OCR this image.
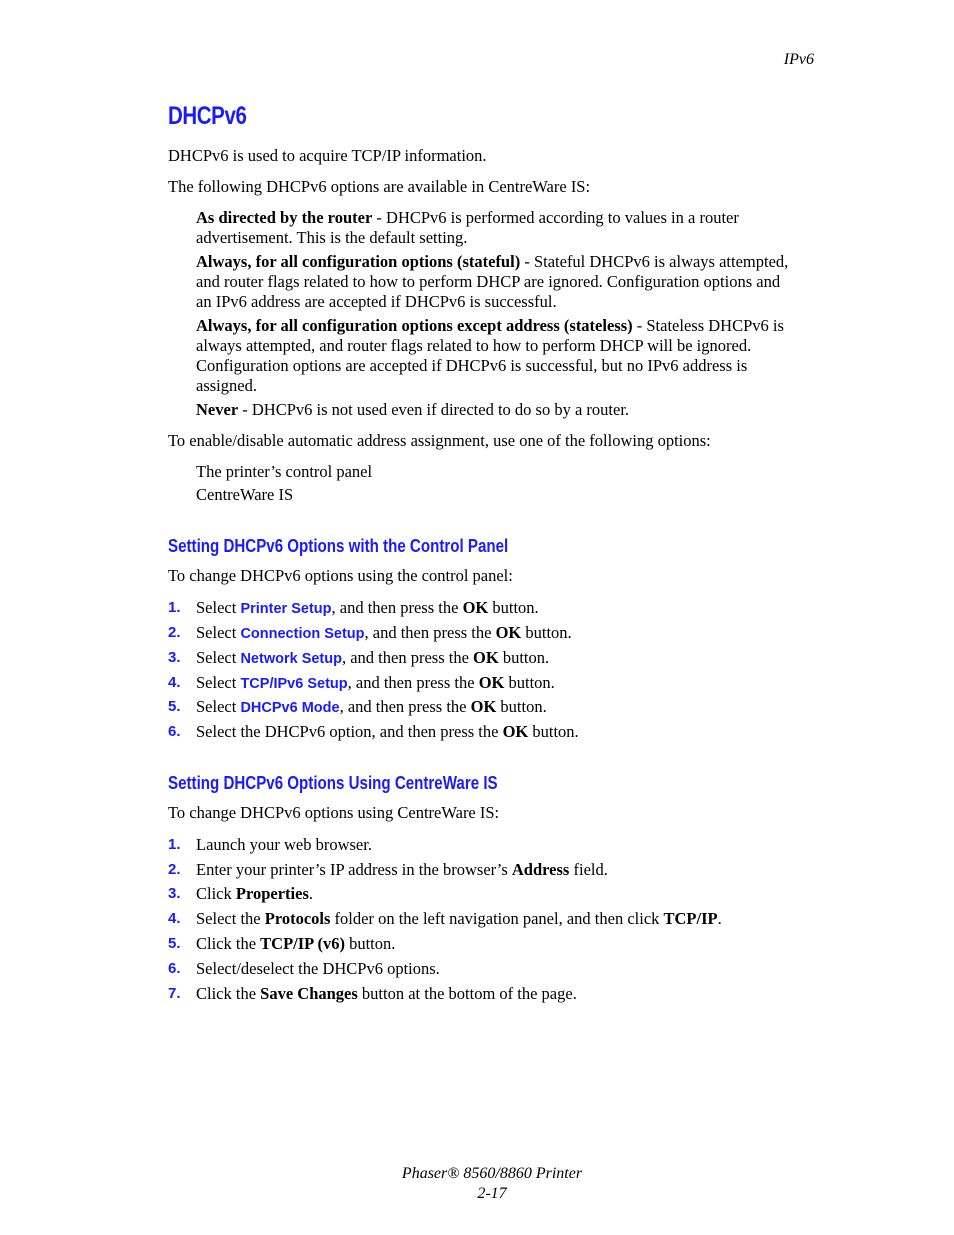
IPv6
DHCPv6
DHCPv6 is used to acquire TCP/IP information.
The following DHCPv6 options are available in CentreWare IS:
As directed by the router - DHCPv6 is performed according to values in a router
advertisement. This is the default setting.
Always, for all configuration options (stateful) - Stateful DHCPv6 is always attempted,
and router flags related to how to perform DHCP are ignored. Configuration options and
an IPv6 address are accepted if DHCPv6 is successful.
Always, for all configuration options except address (stateless) - Stateless DHCPv6 is
always attempted, and router flags related to how to perform DHCP will be ignored.
Configuration options are accepted if DHCPv6 is successful, but no IPv6 address is
assigned.
Never - DHCPv6 is not used even if directed to do so by a router.
To enable/disable automatic address assignment, use one of the following options:
The printer’s control panel
CentreWare IS
Setting DHCPv6 Options with the Control Panel
To change DHCPv6 options using the control panel:
1. Select Printer Setup, and then press the OK button.
2. Select Connection Setup, and then press the OK button.
3. Select Network Setup, and then press the OK button.
4. Select TCP/IPv6 Setup, and then press the OK button.
5. Select DHCPv6 Mode, and then press the OK button.
6. Select the DHCPv6 option, and then press the OK button.
Setting DHCPv6 Options Using CentreWare IS
To change DHCPv6 options using CentreWare IS:
1. Launch your web browser.
2. Enter your printer’s IP address in the browser’s Address field.
3. Click Properties.
4. Select the Protocols folder on the left navigation panel, and then click TCP/IP.
5. Click the TCP/IP (v6) button.
6. Select/deselect the DHCPv6 options.
7. Click the Save Changes button at the bottom of the page.
Phaser® 8560/8860 Printer
2-17
